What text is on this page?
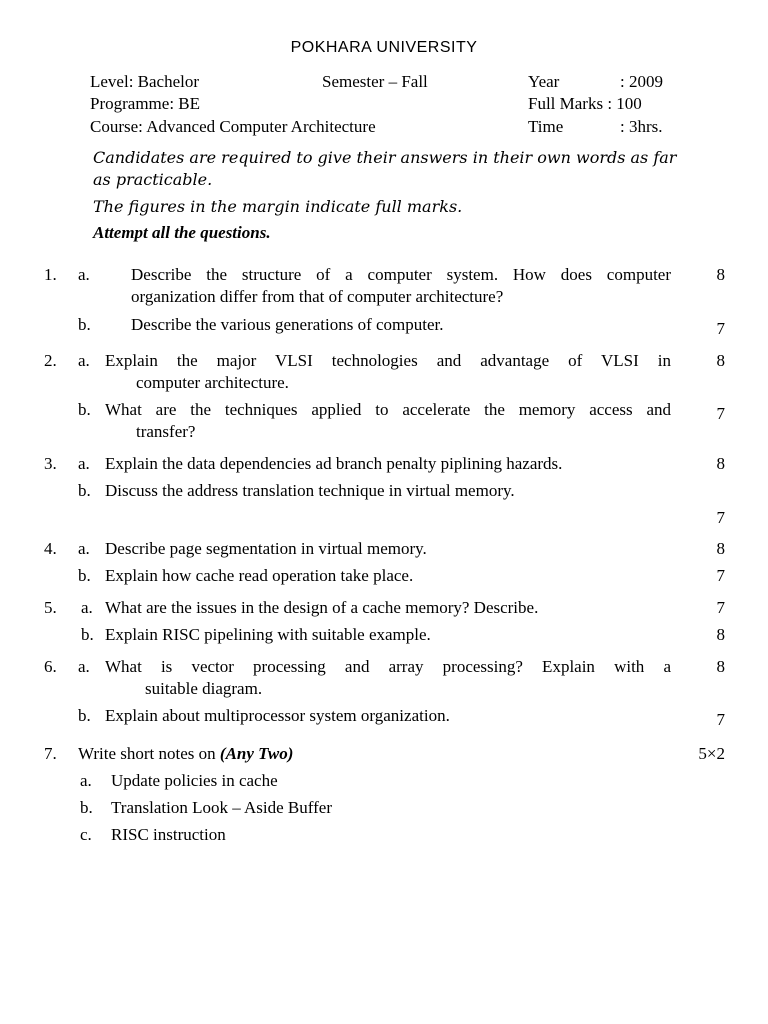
POKHARA UNIVERSITY
Level: Bachelor	Semester – Fall	Year	: 2009
Programme: BE	Full Marks : 100
Course: Advanced Computer Architecture	Time	: 3hrs.
Candidates are required to give their answers in their own words as far
as practicable.
The figures in the margin indicate full marks.
Attempt all the questions.
1. a. Describe the structure of a computer system. How does computer
organization differ from that of computer architecture?
8
b. Describe the various generations of computer.	7
2. a. Explain the major VLSI technologies and advantage of VLSI in
computer architecture.
8
b. What are the techniques applied to accelerate the memory access and
transfer?
7
3. a. Explain the data dependencies ad branch penalty piplining hazards.	8
b. Discuss the address translation technique in virtual memory.
7
4. a. Describe page segmentation in virtual memory.	8
b. Explain how cache read operation take place.	7
5. a. What are the issues in the design of a cache memory? Describe.	7
b. Explain RISC pipelining with suitable example.	8
6. a. What is vector processing and array processing? Explain with a
suitable diagram.
8
b. Explain about multiprocessor system organization.	7
7. Write short notes on (Any Two)	5×2
a. Update policies in cache
b. Translation Look – Aside Buffer
c. RISC instruction
